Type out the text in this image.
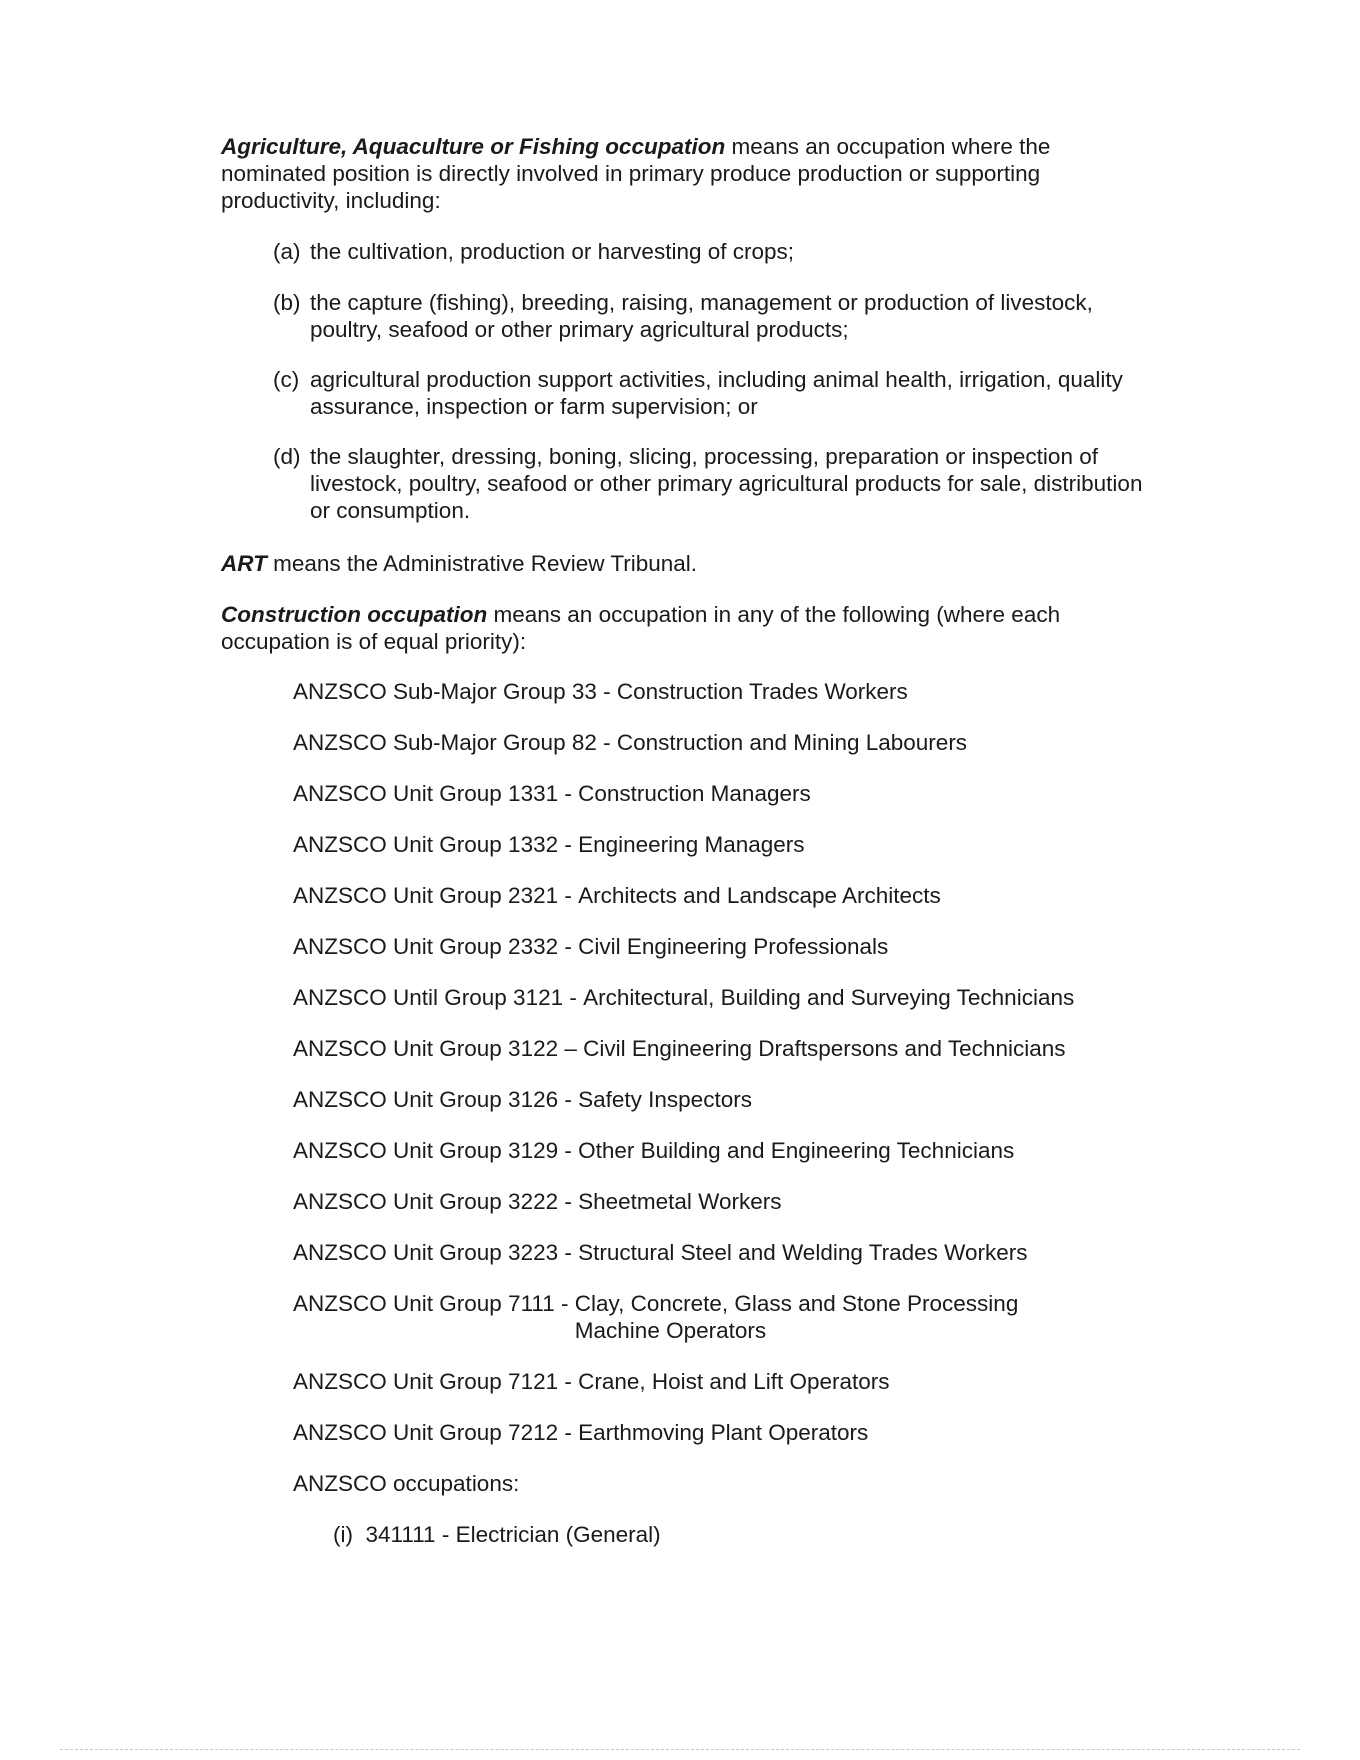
Agriculture, Aquaculture or Fishing occupation means an occupation where the nominated position is directly involved in primary produce production or supporting productivity, including:

(a) the cultivation, production or harvesting of crops;
(b) the capture (fishing), breeding, raising, management or production of livestock, poultry, seafood or other primary agricultural products;
(c) agricultural production support activities, including animal health, irrigation, quality assurance, inspection or farm supervision; or
(d) the slaughter, dressing, boning, slicing, processing, preparation or inspection of livestock, poultry, seafood or other primary agricultural products for sale, distribution or consumption.

ART means the Administrative Review Tribunal.

Construction occupation means an occupation in any of the following (where each occupation is of equal priority):

ANZSCO Sub-Major Group 33 - Construction Trades Workers
ANZSCO Sub-Major Group 82 - Construction and Mining Labourers
ANZSCO Unit Group 1331 - Construction Managers
ANZSCO Unit Group 1332 - Engineering Managers
ANZSCO Unit Group 2321 - Architects and Landscape Architects
ANZSCO Unit Group 2332 - Civil Engineering Professionals
ANZSCO Until Group 3121 - Architectural, Building and Surveying Technicians
ANZSCO Unit Group 3122 – Civil Engineering Draftspersons and Technicians
ANZSCO Unit Group 3126 - Safety Inspectors
ANZSCO Unit Group 3129 - Other Building and Engineering Technicians
ANZSCO Unit Group 3222 - Sheetmetal Workers
ANZSCO Unit Group 3223 - Structural Steel and Welding Trades Workers
ANZSCO Unit Group 7111 - Clay, Concrete, Glass and Stone Processing Machine Operators
ANZSCO Unit Group 7121 - Crane, Hoist and Lift Operators
ANZSCO Unit Group 7212 - Earthmoving Plant Operators
ANZSCO occupations:
(i) 341111 - Electrician (General)
